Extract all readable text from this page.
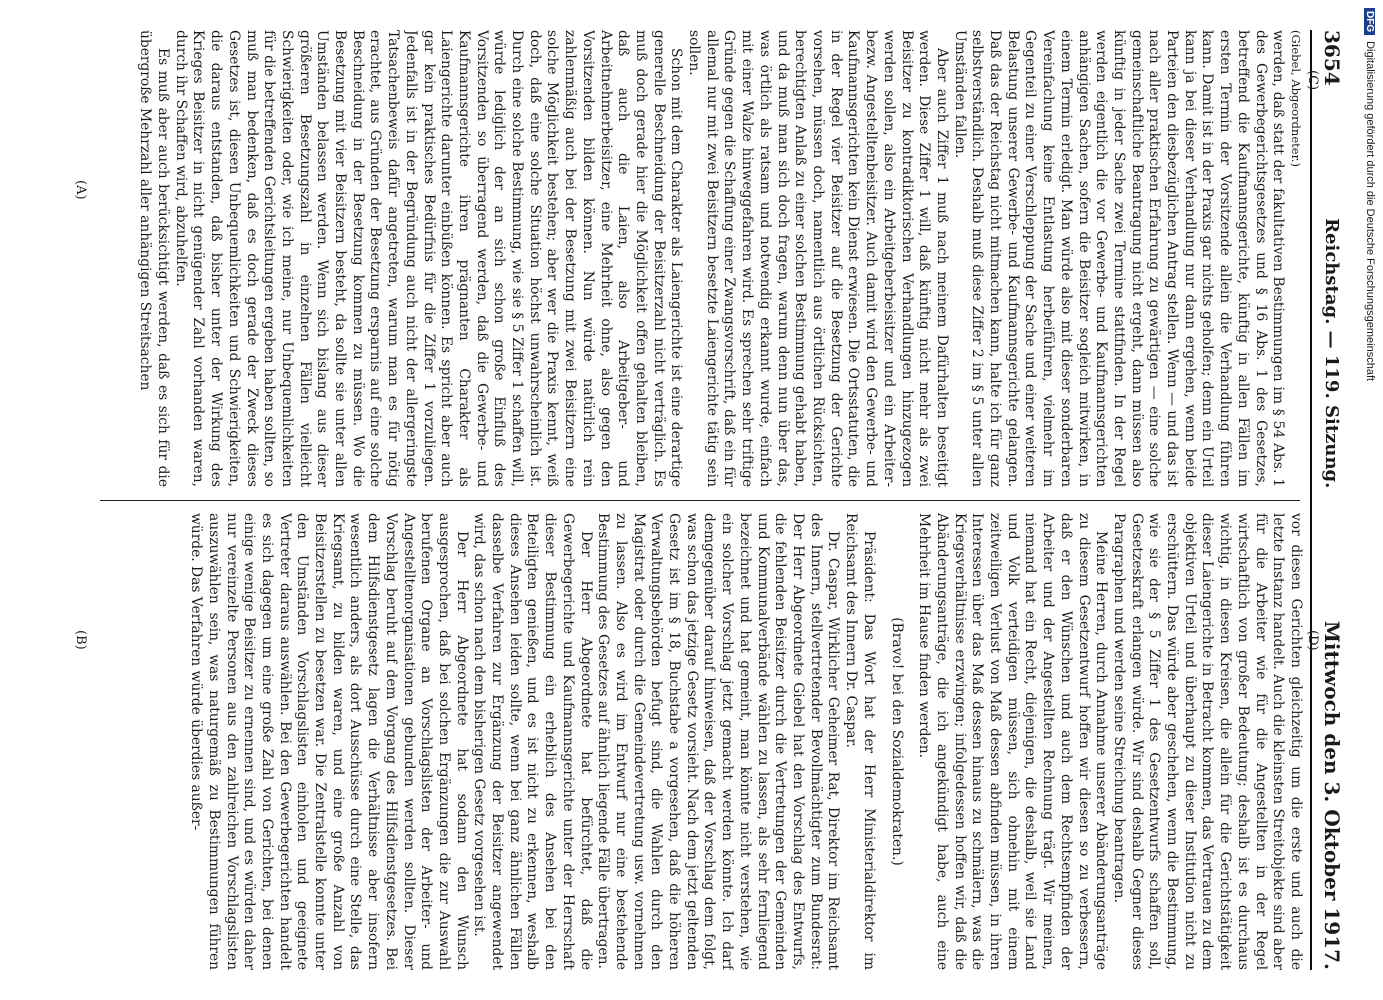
3654
Reichstag. — 119. Sitzung.
Mittwoch den 3. Oktober 1917.

(Giebel, Abgeordneter.)

werden, daß statt der fakultativen Bestimmungen im § 54 Abs. 1 des Gewerbegerichtsgesetzes und § 16 Abs. 1 des Gesetzes, betreffend die Kaufmannsgerichte, künftig in allen Fällen im ersten Termin der Vorsitzende allein die Verhandlung führen kann. Damit ist in der Praxis gar nichts geholfen; denn ein Urteil kann ja bei dieser Verhandlung nur dann ergehen, wenn beide Parteien den diesbezüglichen Antrag stellen. Wenn — und das ist nach aller praktischen Erfahrung zu gewärtigen — eine solche gemeinschaftliche Beantragung nicht ergeht, dann müssen also künftig in jeder Sache zwei Termine stattfinden. In der Regel werden eigentlich die vor Gewerbe- und Kaufmannsgerichten anhängigen Sachen, sofern die Beisitzer sogleich mitwirken, in einem Termin erledigt. Man würde also mit dieser sonderbaren Vereinfachung keine Entlastung herbeiführen, vielmehr im Gegenteil zu einer Verschleppung der Sache und einer weiteren Belastung unserer Gewerbe- und Kaufmannsgerichte gelangen. Daß das der Reichstag nicht mitmachen kann, halte ich für ganz selbstverständlich. Deshalb muß diese Ziffer 2 im § 5 unter allen Umständen fallen.

Aber auch Ziffer 1 muß nach meinem Dafürhalten beseitigt werden. Diese Ziffer 1 will, daß künftig nicht mehr als zwei Beisitzer zu kontradiktorischen Verhandlungen hinzugezogen werden sollen, also ein Arbeitgeberbeisitzer und ein Arbeiter- bezw. Angestelltenbeisitzer. Auch damit wird den Gewerbe- und Kaufmannsgerichten kein Dienst erwiesen. Die Ortsstatuten, die in der Regel vier Beisitzer auf die Besetzung der Gerichte vorsehen, müssen doch, namentlich aus örtlichen Rücksichten, berechtigten Anlaß zu einer solchen Bestimmung gehabt haben, und da muß man sich doch fragen, warum denn nun über das, was örtlich als ratsam und notwendig erkannt wurde, einfach mit einer Walze hinweggefahren wird. Es sprechen sehr triftige Gründe gegen die Schaffung einer Zwangsvorschrift, daß ein für allemal nur mit zwei Beisitzern besetzte Laiengerichte tätig sein sollen.

Schon mit dem Charakter als Laiengerichte ist eine derartige generelle Beschneidung der Beisitzerzahl nicht verträglich. Es muß doch gerade hier die Möglichkeit offen gehalten bleiben, daß auch die Laien, also Arbeitgeber- und Arbeitnehmerbeisitzer, eine Mehrheit ohne, also gegen den Vorsitzenden bilden können. Nun würde natürlich rein zahlenmäßig auch bei der Besetzung mit zwei Beisitzern eine solche Möglichkeit bestehen; aber wer die Praxis kennt, weiß doch, daß eine solche Situation höchst unwahrscheinlich ist. Durch eine solche Bestimmung, wie sie § 5 Ziffer 1 schaffen will, würde lediglich der an sich schon große Einfluß des Vorsitzenden so überragend werden, daß die Gewerbe- und Kaufmannsgerichte ihren prägnanten Charakter als Laiengerichte darunter einbüßen können. Es spricht aber auch gar kein praktisches Bedürfnis für die Ziffer 1 vorzuliegen. Jedenfalls ist in der Begründung auch nicht der allergeringste Tatsachenbeweis dafür angetreten, warum man es für nötig erachtet, aus Gründen der Besetzung ersparnis auf eine solche Beschneidung in der Besetzung kommen zu müssen. Wo die Besetzung mit vier Beisitzern besteht, da sollte sie unter allen Umständen belassen werden. Wenn sich bislang aus dieser größeren Besetzungszahl in einzelnen Fällen vielleicht Schwierigkeiten oder, wie ich meine, nur Unbequemlichkeiten für die betreffenden Gerichtsleitungen ergeben haben sollten, so muß man bedenken, daß es doch gerade der Zweck dieses Gesetzes ist, diesen Unbequemlichkeiten und Schwierigkeiten, die daraus entstanden, daß bisher unter der Wirkung des Krieges Beisitzer in nicht genügender Zahl vorhanden waren, durch ihr Schaffen wird, abzuhelfen.

Es muß aber auch berücksichtigt werden, daß es sich für die übergroße Mehrzahl aller anhängigen Streitsachen

vor diesen Gerichten gleichzeitig um die erste und auch die letzte Instanz handelt. Auch die kleinsten Streitobjekte sind aber für die Arbeiter wie für die Angestellten in der Regel wirtschaftlich von großer Bedeutung; deshalb ist es durchaus wichtig, in diesen Kreisen, die allein für die Gerichtstätigkeit dieser Laiengerichte in Betracht kommen, das Vertrauen zu dem objektiven Urteil und überhaupt zu dieser Institution nicht zu erschüttern. Das würde aber geschehen, wenn die Bestimmung, wie sie der § 5 Ziffer 1 des Gesetzentwurfs schaffen soll, Gesetzeskraft erlangen würde. Wir sind deshalb Gegner dieses Paragraphen und werden seine Streichung beantragen.

Meine Herren, durch Annahme unserer Abänderungsanträge zu diesem Gesetzentwurf hoffen wir diesen so zu verbessern, daß er den Wünschen und auch dem Rechtsempfinden der Arbeiter und der Angestellten Rechnung trägt. Wir meinen, niemand hat ein Recht, diejenigen, die deshalb, weil sie Land und Volk verteidigen müssen, sich ohnehin mit einem zeitweiligen Verlust von Maß dessen abfinden müssen, in ihren Interessen über das Maß dessen hinaus zu schmälern, was die Kriegsverhältnisse erzwingen; infolgedessen hoffen wir, daß die Abänderungsanträge, die ich angekündigt habe, auch eine Mehrheit im Hause finden werden.

(Bravo! bei den Sozialdemokraten.)

Präsident: Das Wort hat der Herr Ministerialdirektor im Reichsamt des Innern Dr. Caspar.

Dr. Caspar, Wirklicher Geheimer Rat, Direktor im Reichsamt des Innern, stellvertretender Bevollmächtigter zum Bundesrat: Der Herr Abgeordnete Giebel hat den Vorschlag des Entwurfs, die fehlenden Beisitzer durch die Vertretungen der Gemeinden und Kommunalverbände wählen zu lassen, als sehr fernliegend bezeichnet und hat gemeint, man könnte nicht verstehen, wie ein solcher Vorschlag jetzt gemacht werden könnte. Ich darf demgegenüber darauf hinweisen, daß der Vorschlag dem folgt, was schon das jetzige Gesetz vorsieht. Nach dem jetzt geltenden Gesetz ist im § 18, Buchstabe a vorgesehen, daß die höheren Verwaltungsbehörden befugt sind, die Wahlen durch den Magistrat oder durch die Gemeindevertretung usw. vornehmen zu lassen. Also es wird im Entwurf nur eine bestehende Bestimmung des Gesetzes auf ähnlich liegende Fälle übertragen.

Der Herr Abgeordnete hat befürchtet, daß die Gewerbegerichte und Kaufmannsgerichte unter der Herrschaft dieser Bestimmung ein erheblich des Ansehen bei den Beteiligten genießen, und es ist nicht zu erkennen, weshalb dieses Ansehen leiden sollte, wenn bei ganz ähnlichen Fällen dasselbe Verfahren zur Ergänzung der Beisitzer angewendet wird, das schon nach dem bisherigen Gesetz vorgesehen ist.

Der Herr Abgeordnete hat sodann den Wunsch ausgesprochen, daß bei solchen Ergänzungen die zur Auswahl berufenen Organe an Vorschlagslisten der Arbeiter- und Angestelltenorganisationen gebunden werden sollten. Dieser Vorschlag beruht auf dem Vorgang des Hilfsdienstgesetzes. Bei dem Hilfsdienstgesetz lagen die Verhältnisse aber insofern wesentlich anders, als dort Ausschüsse durch eine Stelle, das Kriegsamt, zu bilden waren, und eine große Anzahl von Beisitzerstellen zu besetzen war. Die Zentralstelle konnte unter den Umständen Vorschlagslisten einholen und geeignete Vertreter daraus auswählen. Bei den Gewerbegerichten handelt es sich dagegen um eine große Zahl von Gerichten, bei denen einige wenige Beisitzer zu ernennen sind, und es würden daher nur vereinzelte Personen aus den zahlreichen Vorschlagslisten auszuwählen sein, was naturgemäß zu Bestimmungen führen würde. Das Verfahren würde überdies außer-

(A)
(B)
(C)
(D)
DFG
Digitalisierung gefördert durch die Deutsche Forschungsgemeinschaft
